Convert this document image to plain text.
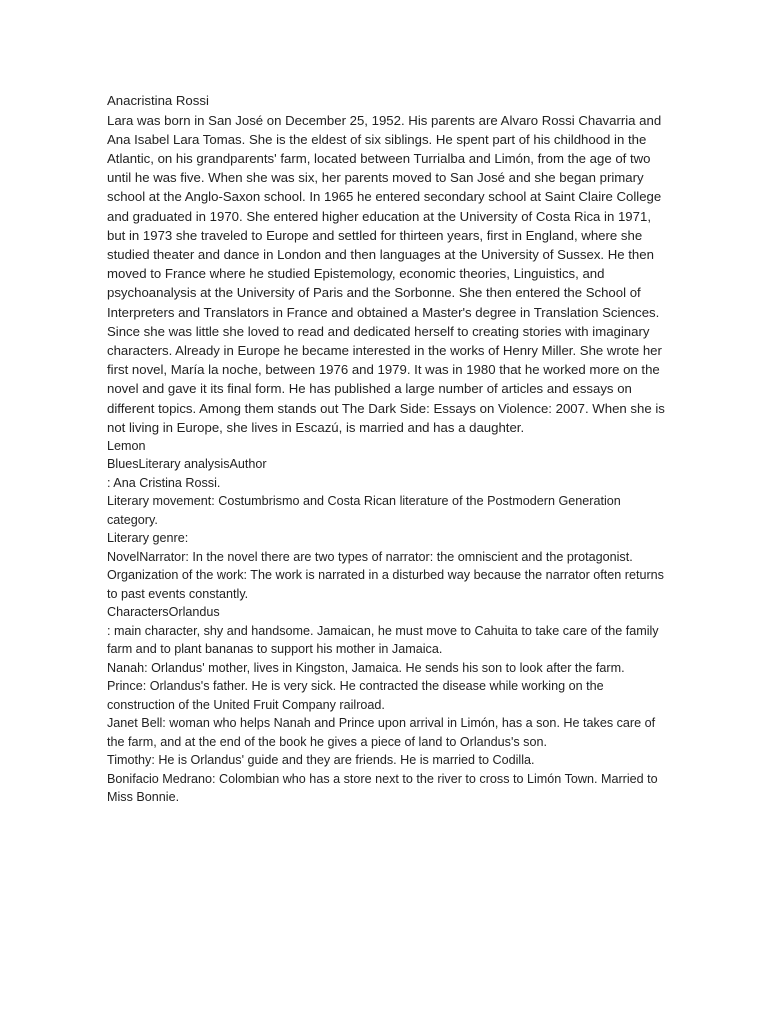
Anacristina Rossi

Lara was born in San José on December 25, 1952. His parents are Alvaro Rossi Chavarria and Ana Isabel Lara Tomas. She is the eldest of six siblings. He spent part of his childhood in the Atlantic, on his grandparents' farm, located between Turrialba and Limón, from the age of two until he was five. When she was six, her parents moved to San José and she began primary school at the Anglo-Saxon school. In 1965 he entered secondary school at Saint Claire College and graduated in 1970. She entered higher education at the University of Costa Rica in 1971, but in 1973 she traveled to Europe and settled for thirteen years, first in England, where she studied theater and dance in London and then languages at the University of Sussex. He then moved to France where he studied Epistemology, economic theories, Linguistics, and psychoanalysis at the University of Paris and the Sorbonne. She then entered the School of Interpreters and Translators in France and obtained a Master's degree in Translation Sciences.

Since she was little she loved to read and dedicated herself to creating stories with imaginary characters. Already in Europe he became interested in the works of Henry Miller. She wrote her first novel, María la noche, between 1976 and 1979. It was in 1980 that he worked more on the novel and gave it its final form. He has published a large number of articles and essays on different topics. Among them stands out The Dark Side: Essays on Violence: 2007. When she is not living in Europe, she lives in Escazú, is married and has a daughter.

Lemon

BluesLiterary analysisAuthor

: Ana Cristina Rossi.

Literary movement: Costumbrismo and Costa Rican literature of the Postmodern Generation category.

Literary genre:

NovelNarrator: In the novel there are two types of narrator: the omniscient and the protagonist.

Organization of the work: The work is narrated in a disturbed way because the narrator often returns to past events constantly.

CharactersOrlandus

: main character, shy and handsome. Jamaican, he must move to Cahuita to take care of the family farm and to plant bananas to support his mother in Jamaica.

Nanah: Orlandus' mother, lives in Kingston, Jamaica. He sends his son to look after the farm.

Prince: Orlandus's father. He is very sick. He contracted the disease while working on the construction of the United Fruit Company railroad.

Janet Bell: woman who helps Nanah and Prince upon arrival in Limón, has a son. He takes care of the farm, and at the end of the book he gives a piece of land to Orlandus's son.

Timothy: He is Orlandus' guide and they are friends. He is married to Codilla.

Bonifacio Medrano: Colombian who has a store next to the river to cross to Limón Town. Married to Miss Bonnie.
